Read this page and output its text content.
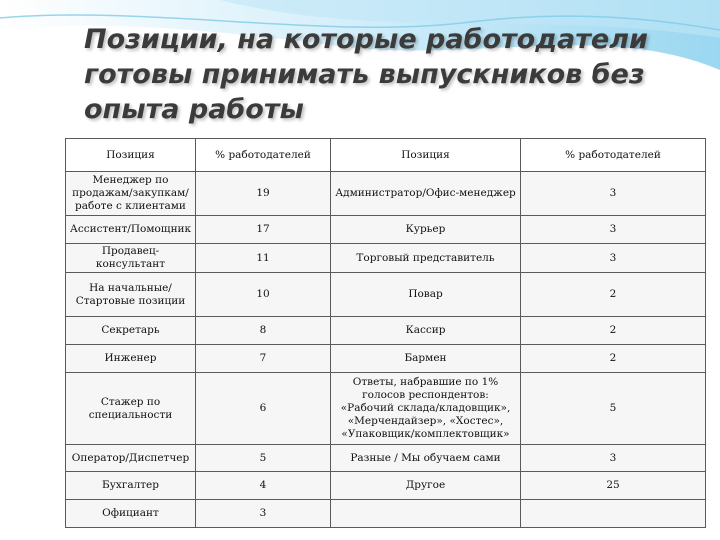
Позиции, на которые работодатели готовы принимать выпускников без опыта работы
Позиция	% работодателей	Позиция	% работодателей
Менеджер по продажам/закупкам/работе с клиентами	19	Администратор/Офис-менеджер	3
Ассистент/Помощник	17	Курьер	3
Продавец-консультант	11	Торговый представитель	3
На начальные/Стартовые позиции	10	Повар	2
Секретарь	8	Кассир	2
Инженер	7	Бармен	2
Стажер по специальности	6	Ответы, набравшие по 1% голосов респондентов: «Рабочий склада/кладовщик», «Мерчендайзер», «Хостес», «Упаковщик/комплектовщик»	5
Оператор/Диспетчер	5	Разные / Мы обучаем сами	3
Бухгалтер	4	Другое	25
Официант	3		
